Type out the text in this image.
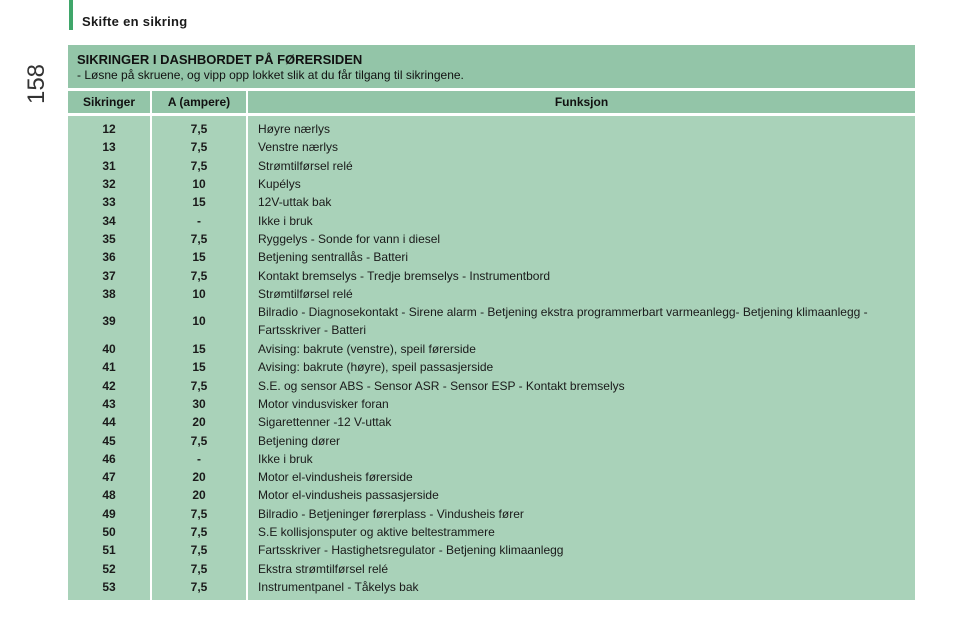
Skifte en sikring
158
SIKRINGER I DASHBORDET PÅ FØRERSIDEN
- Løsne på skruene, og vipp opp lokket slik at du får tilgang til sikringene.
Sikringer	A (ampere)	Funksjon
12	7,5	Høyre nærlys
13	7,5	Venstre nærlys
31	7,5	Strømtilførsel relé
32	10	Kupélys
33	15	12V-uttak bak
34	-	Ikke i bruk
35	7,5	Ryggelys - Sonde for vann i diesel
36	15	Betjening sentrallås - Batteri
37	7,5	Kontakt bremselys - Tredje bremselys - Instrumentbord
38	10	Strømtilførsel relé
39	10	Bilradio - Diagnosekontakt - Sirene alarm - Betjening ekstra programmerbart varmeanlegg- Betjening klimaanlegg - Fartsskriver - Batteri
40	15	Avising: bakrute (venstre), speil førerside
41	15	Avising: bakrute (høyre), speil passasjerside
42	7,5	S.E. og sensor ABS - Sensor ASR - Sensor ESP - Kontakt bremselys
43	30	Motor vindusvisker foran
44	20	Sigarettenner -12 V-uttak
45	7,5	Betjening dører
46	-	Ikke i bruk
47	20	Motor el-vindusheis førerside
48	20	Motor el-vindusheis passasjerside
49	7,5	Bilradio - Betjeninger førerplass - Vindusheis fører
50	7,5	S.E kollisjonsputer og aktive beltestrammere
51	7,5	Fartsskriver - Hastighetsregulator - Betjening klimaanlegg
52	7,5	Ekstra strømtilførsel relé
53	7,5	Instrumentpanel - Tåkelys bak
